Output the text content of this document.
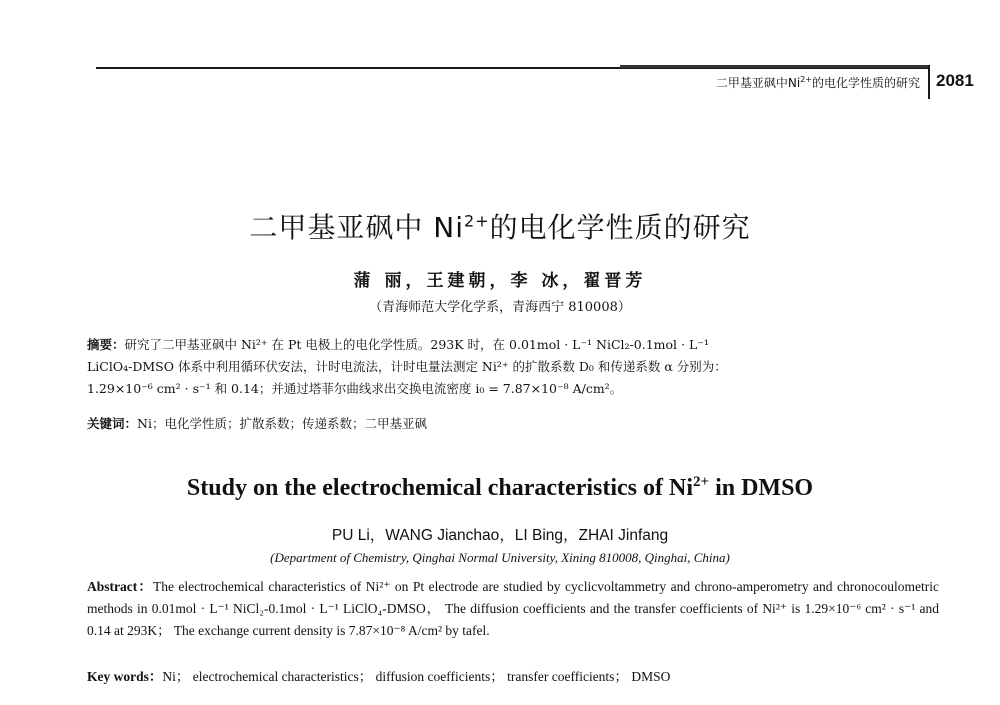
二甲基亚砜中$Ni^{2+}$的电化学性质的研究 2081
二甲基亚砜中 $Ni^{2+}$的电化学性质的研究
蒲 丽，王建朝，李 冰，翟晋芳
（青海师范大学化学系，青海西宁 810008）
摘要：研究了二甲基亚砜中 Ni²⁺ 在 Pt 电极上的电化学性质。293K 时，在 0.01mol · L⁻¹ NiCl₂-0.1mol · L⁻¹
LiClO₄-DMSO 体系中利用循环伏安法，计时电流法，计时电量法测定 Ni²⁺ 的扩散系数 D₀ 和传递系数 α 分别为：
1.29×10⁻⁶ cm² · s⁻¹ 和 0.14；并通过塔菲尔曲线求出交换电流密度 i₀ = 7.87×10⁻⁸ A/cm²。
关键词：Ni；电化学性质；扩散系数；传递系数；二甲基亚砜
Study on the electrochemical characteristics of $Ni^{2+}$ in DMSO
PU Li，WANG Jianchao，LI Bing，ZHAI Jinfang
(Department of Chemistry, Qinghai Normal University, Xining 810008, Qinghai, China)
Abstract：The electrochemical characteristics of Ni²⁺ on Pt electrode are studied by cyclicvoltammetry and chrono-amperometry and chronocoulometric methods in 0.01mol · L⁻¹ NiCl₂-0.1mol · L⁻¹ LiClO₄-DMSO， The diffusion coefficients and the transfer coefficients of Ni²⁺ is 1.29×10⁻⁶ cm² · s⁻¹ and 0.14 at 293K； The exchange current density is 7.87×10⁻⁸ A/cm² by tafel.
Key words：Ni； electrochemical characteristics； diffusion coefficients； transfer coefficients； DMSO
